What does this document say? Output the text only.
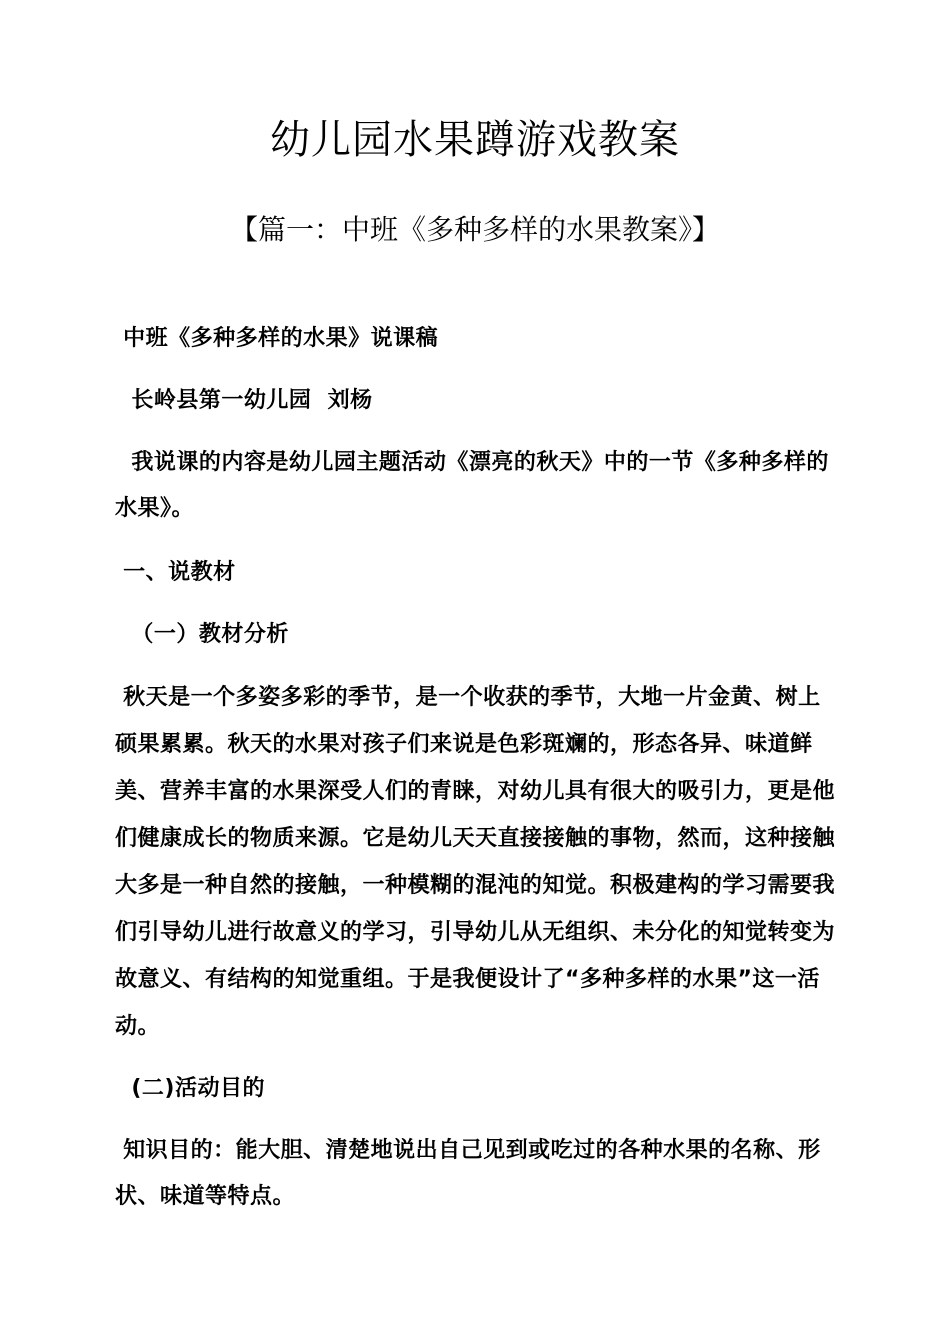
幼儿园水果蹲游戏教案
【篇一：中班《多种多样的水果教案》】
中班《多种多样的水果》说课稿
长岭县第一幼儿园  刘杨
我说课的内容是幼儿园主题活动《漂亮的秋天》中的一节《多种多样的水果》。
一、说教材
（一）教材分析
秋天是一个多姿多彩的季节，是一个收获的季节，大地一片金黄、树上硕果累累。秋天的水果对孩子们来说是色彩斑斓的，形态各异、味道鲜美、营养丰富的水果深受人们的青睐，对幼儿具有很大的吸引力，更是他们健康成长的物质来源。它是幼儿天天直接接触的事物，然而，这种接触大多是一种自然的接触，一种模糊的混沌的知觉。积极建构的学习需要我们引导幼儿进行故意义的学习，引导幼儿从无组织、未分化的知觉转变为故意义、有结构的知觉重组。于是我便设计了“多种多样的水果”这一活动。
(二)活动目的
知识目的：能大胆、清楚地说出自己见到或吃过的各种水果的名称、形状、味道等特点。
